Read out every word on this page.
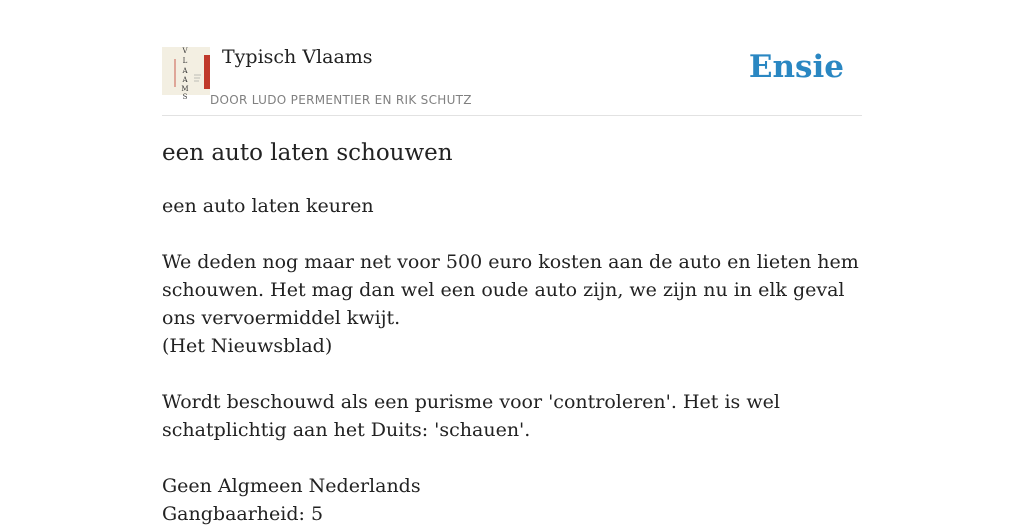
V
L
A
A
M
S
Typisch Vlaams
DOOR LUDO PERMENTIER EN RIK SCHUTZ
Ensie
een auto laten schouwen

een auto laten keuren

We deden nog maar net voor 500 euro kosten aan de auto en lieten hem schouwen. Het mag dan wel een oude auto zijn, we zijn nu in elk geval ons vervoermiddel kwijt.

(Het Nieuwsblad)

Wordt beschouwd als een purisme voor 'controleren'. Het is wel schatplichtig aan het Duits: 'schauen'.

Geen Algmeen Nederlands

Gangbaarheid: 5
